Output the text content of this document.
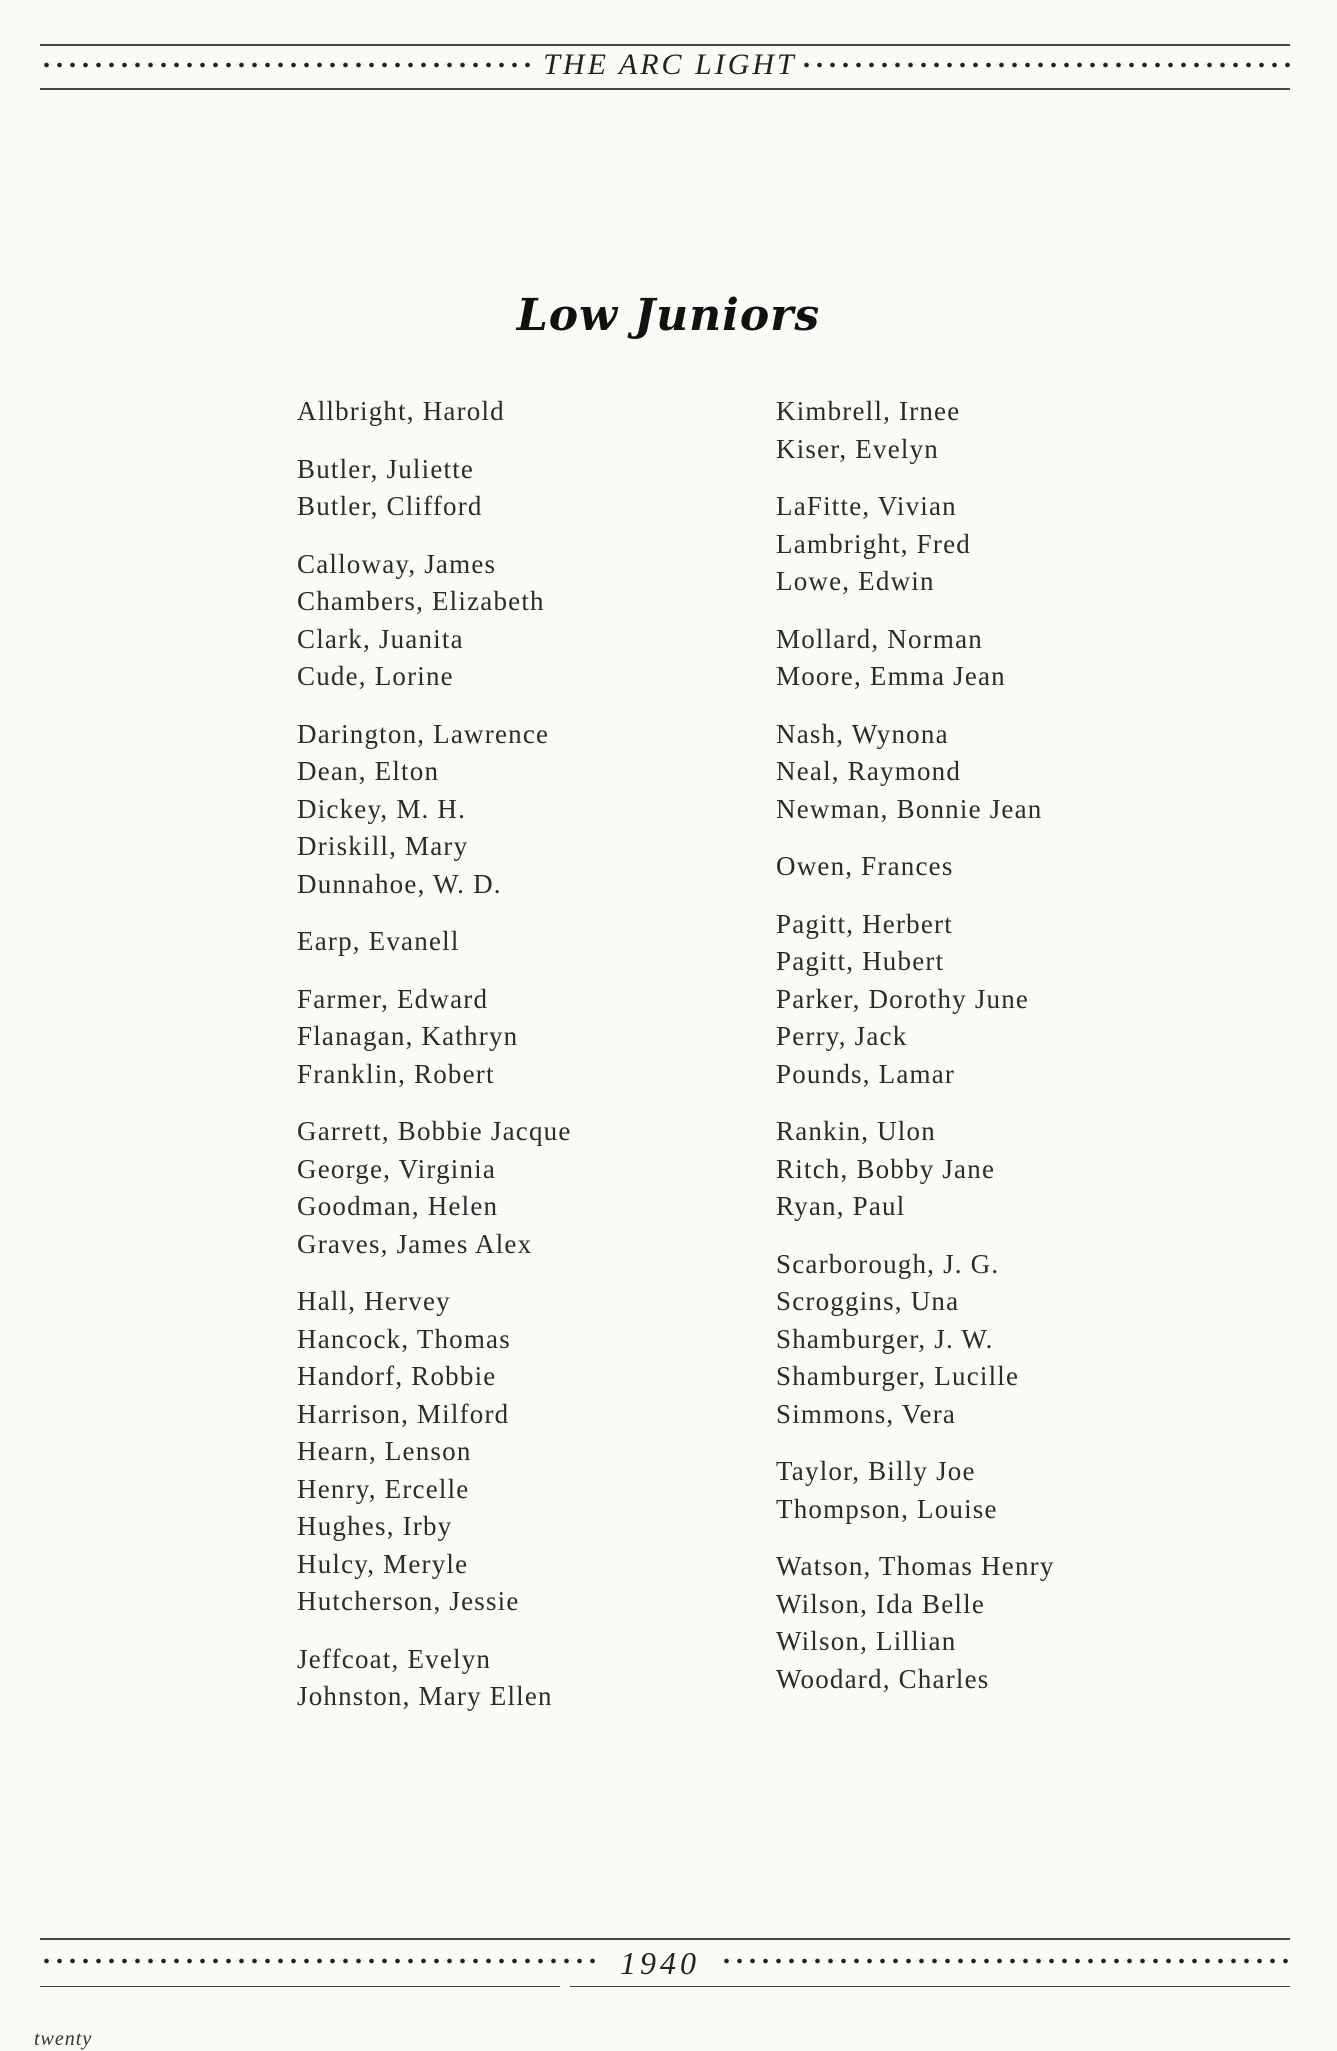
THE ARC LIGHT
Low Juniors
Allbright, Harold
Butler, Juliette
Butler, Clifford
Calloway, James
Chambers, Elizabeth
Clark, Juanita
Cude, Lorine
Darington, Lawrence
Dean, Elton
Dickey, M. H.
Driskill, Mary
Dunnahoe, W. D.
Earp, Evanell
Farmer, Edward
Flanagan, Kathryn
Franklin, Robert
Garrett, Bobbie Jacque
George, Virginia
Goodman, Helen
Graves, James Alex
Hall, Hervey
Hancock, Thomas
Handorf, Robbie
Harrison, Milford
Hearn, Lenson
Henry, Ercelle
Hughes, Irby
Hulcy, Meryle
Hutcherson, Jessie
Jeffcoat, Evelyn
Johnston, Mary Ellen
Kimbrell, Irnee
Kiser, Evelyn
LaFitte, Vivian
Lambright, Fred
Lowe, Edwin
Mollard, Norman
Moore, Emma Jean
Nash, Wynona
Neal, Raymond
Newman, Bonnie Jean
Owen, Frances
Pagitt, Herbert
Pagitt, Hubert
Parker, Dorothy June
Perry, Jack
Pounds, Lamar
Rankin, Ulon
Ritch, Bobby Jane
Ryan, Paul
Scarborough, J. G.
Scroggins, Una
Shamburger, J. W.
Shamburger, Lucille
Simmons, Vera
Taylor, Billy Joe
Thompson, Louise
Watson, Thomas Henry
Wilson, Ida Belle
Wilson, Lillian
Woodard, Charles
1940
twenty
